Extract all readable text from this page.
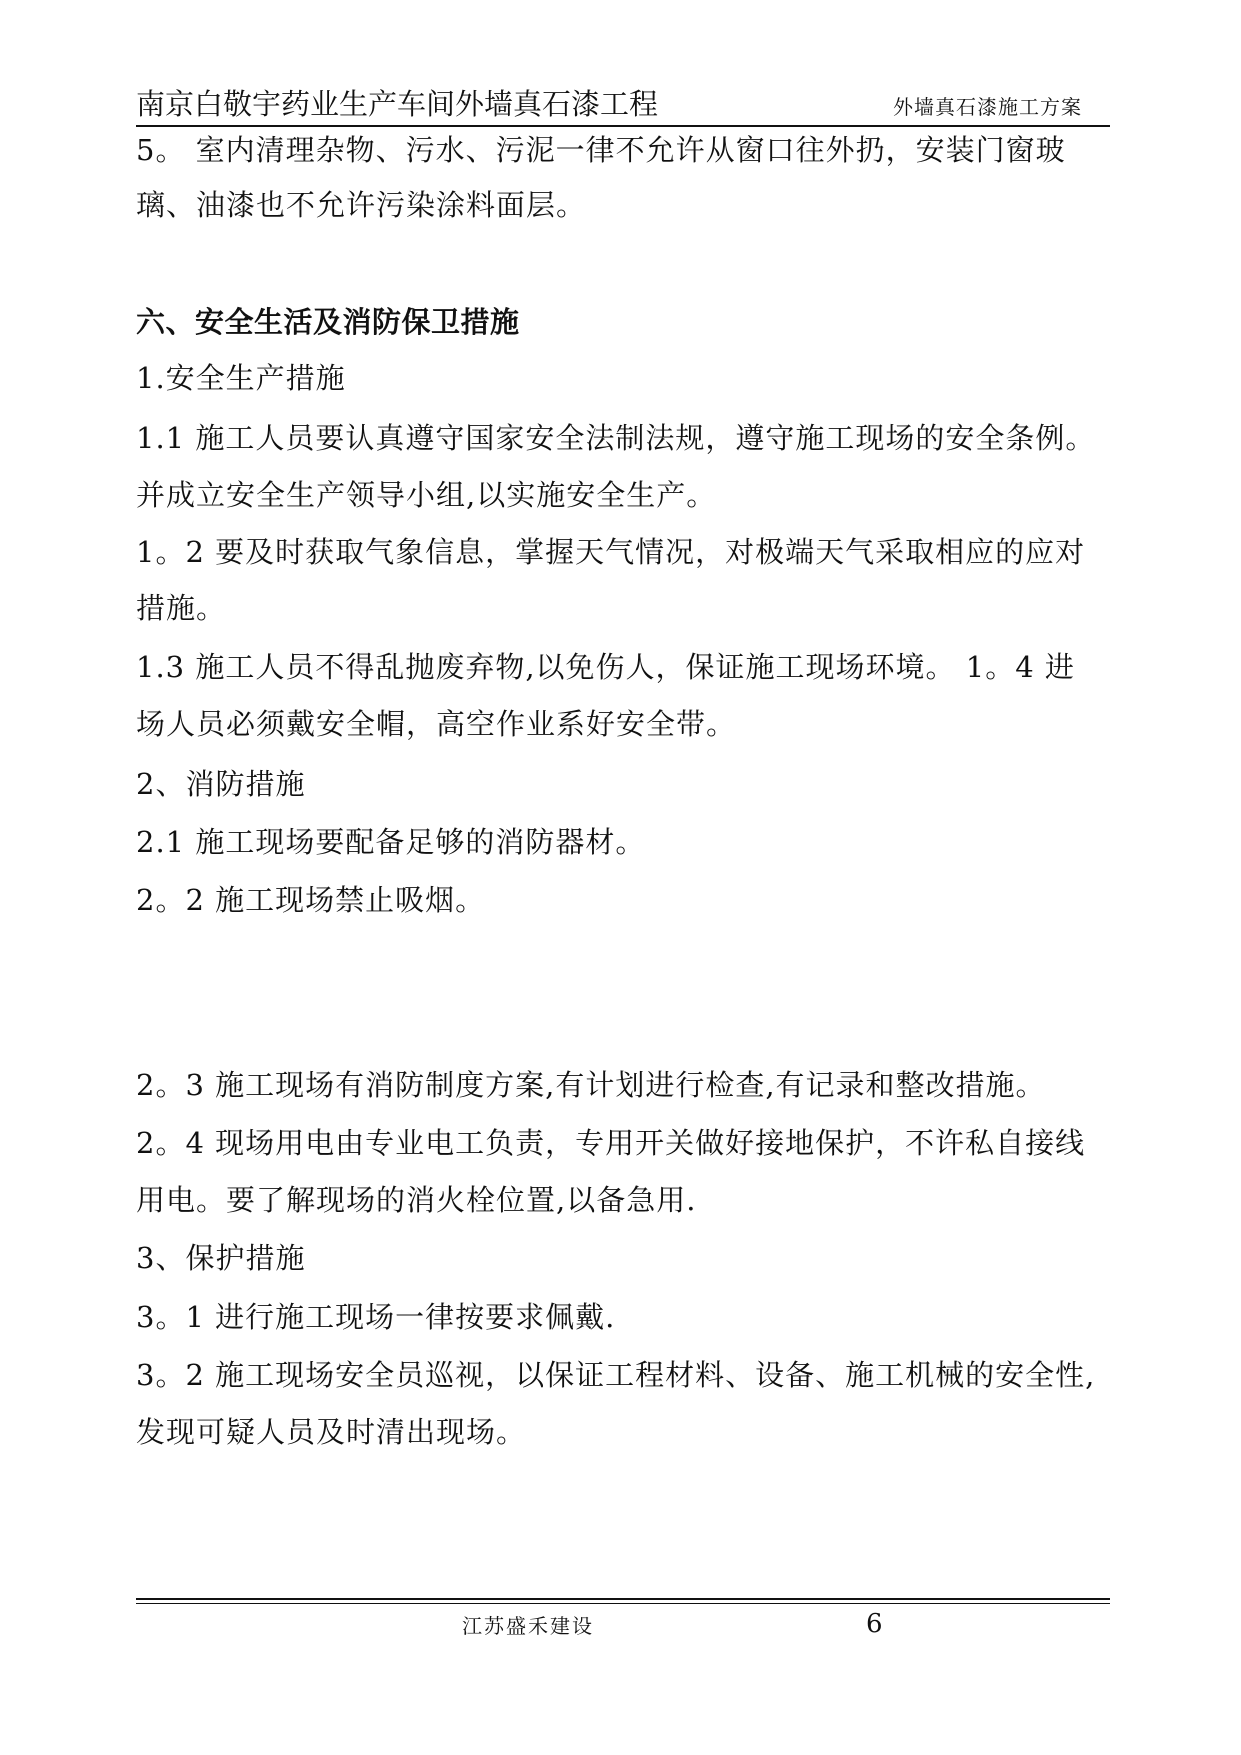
南京白敬宇药业生产车间外墙真石漆工程	外墙真石漆施工方案
5。 室内清理杂物、污水、污泥一律不允许从窗口往外扔，安装门窗玻
璃、油漆也不允许污染涂料面层。
六、安全生活及消防保卫措施
1.安全生产措施
1.1 施工人员要认真遵守国家安全法制法规，遵守施工现场的安全条例。
并成立安全生产领导小组,以实施安全生产。
1。2 要及时获取气象信息，掌握天气情况，对极端天气采取相应的应对
措施。
1.3 施工人员不得乱抛废弃物,以免伤人，保证施工现场环境。 1。4 进
场人员必须戴安全帽，高空作业系好安全带。
2、消防措施
2.1 施工现场要配备足够的消防器材。
2。2 施工现场禁止吸烟。
2。3 施工现场有消防制度方案,有计划进行检查,有记录和整改措施。
2。4 现场用电由专业电工负责，专用开关做好接地保护，不许私自接线
用电。要了解现场的消火栓位置,以备急用.
3、保护措施
3。1 进行施工现场一律按要求佩戴.
3。2 施工现场安全员巡视，以保证工程材料、设备、施工机械的安全性,
发现可疑人员及时清出现场。
江苏盛禾建设	6
